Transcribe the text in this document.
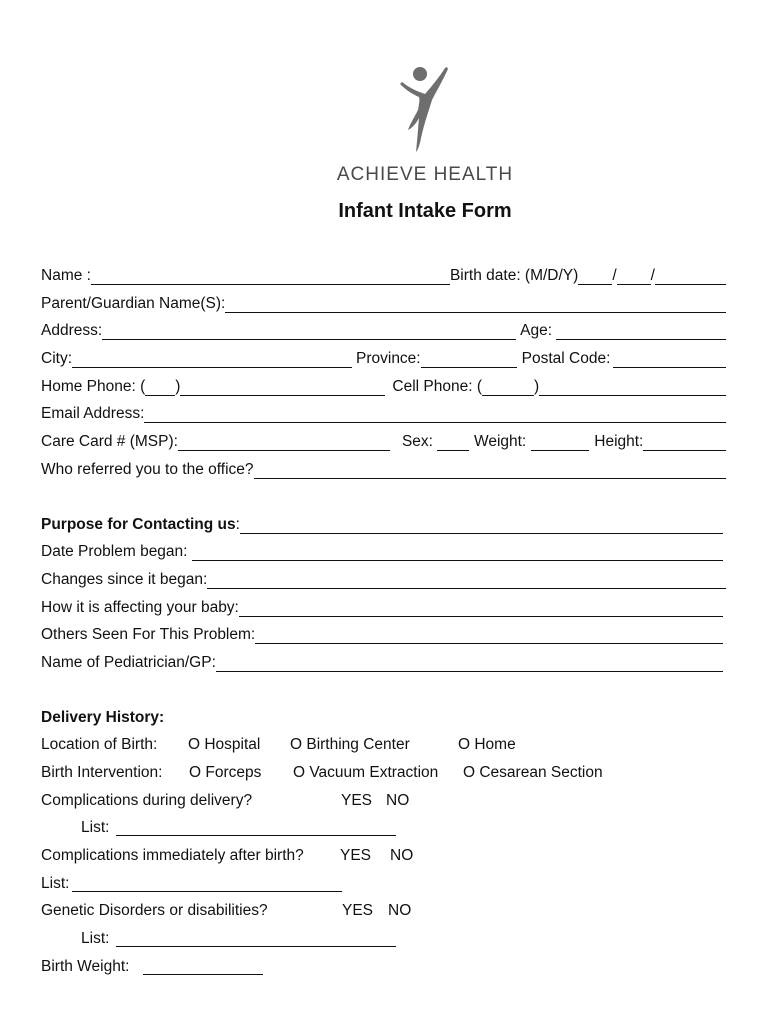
ACHIEVE HEALTH
Infant Intake Form
Name :	Birth date: (M/D/Y) / /
Parent/Guardian Name(S):
Address:	Age:
City:	Province:	Postal Code:
Home Phone: ( )	Cell Phone: (	)
Email Address:
Care Card # (MSP):	Sex:	Weight:	Height:
Who referred you to the office?
Purpose for Contacting us :
Date Problem began:
Changes since it began:
How it is affecting your baby:
Others Seen For This Problem:
Name of Pediatrician/GP:
Delivery History:
Location of Birth: O Hospital O Birthing Center	O Home
Birth Intervention: O Forceps O Vacuum Extraction O Cesarean Section
Complications during delivery?	YES NO
List:
Complications immediately after birth? YES NO
List:
Genetic Disorders or disabilities?	YES NO
List:
Birth Weight:
